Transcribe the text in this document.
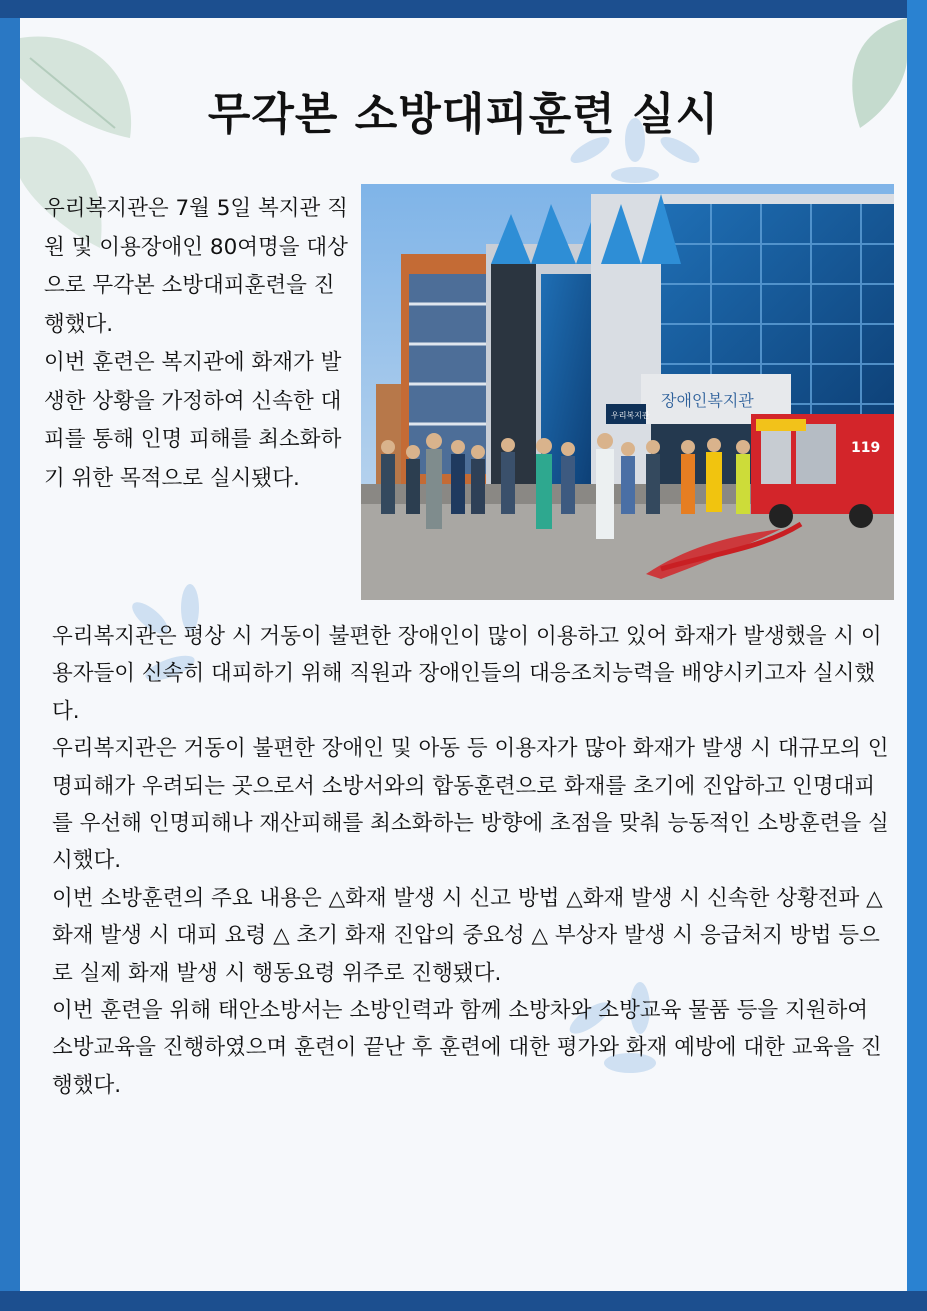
무각본 소방대피훈련 실시

우리복지관은 7월 5일 복지관 직원 및 이용장애인 80여명을 대상으로 무각본 소방대피훈련을 진행했다.

이번 훈련은 복지관에 화재가 발생한 상황을 가정하여 신속한 대피를 통해 인명 피해를 최소화하기 위한 목적으로 실시됐다.

장애인복지관
우리복지관
119

우리복지관은 평상 시 거동이 불편한 장애인이 많이 이용하고 있어 화재가 발생했을 시 이용자들이 신속히 대피하기 위해 직원과 장애인들의 대응조치능력을 배양시키고자 실시했다.

우리복지관은 거동이 불편한 장애인 및 아동 등 이용자가 많아 화재가 발생 시 대규모의 인명피해가 우려되는 곳으로서 소방서와의 합동훈련으로 화재를 초기에 진압하고 인명대피를 우선해 인명피해나 재산피해를 최소화하는 방향에 초점을 맞춰 능동적인 소방훈련을 실시했다.

이번 소방훈련의 주요 내용은 △화재 발생 시 신고 방법 △화재 발생 시 신속한 상황전파 △화재 발생 시 대피 요령 △ 초기 화재 진압의 중요성 △ 부상자 발생 시 응급처지 방법 등으로 실제 화재 발생 시 행동요령 위주로 진행됐다.

이번 훈련을 위해 태안소방서는 소방인력과 함께 소방차와 소방교육 물품 등을 지원하여 소방교육을 진행하였으며 훈련이 끝난 후 훈련에 대한 평가와 화재 예방에 대한 교육을 진행했다.
